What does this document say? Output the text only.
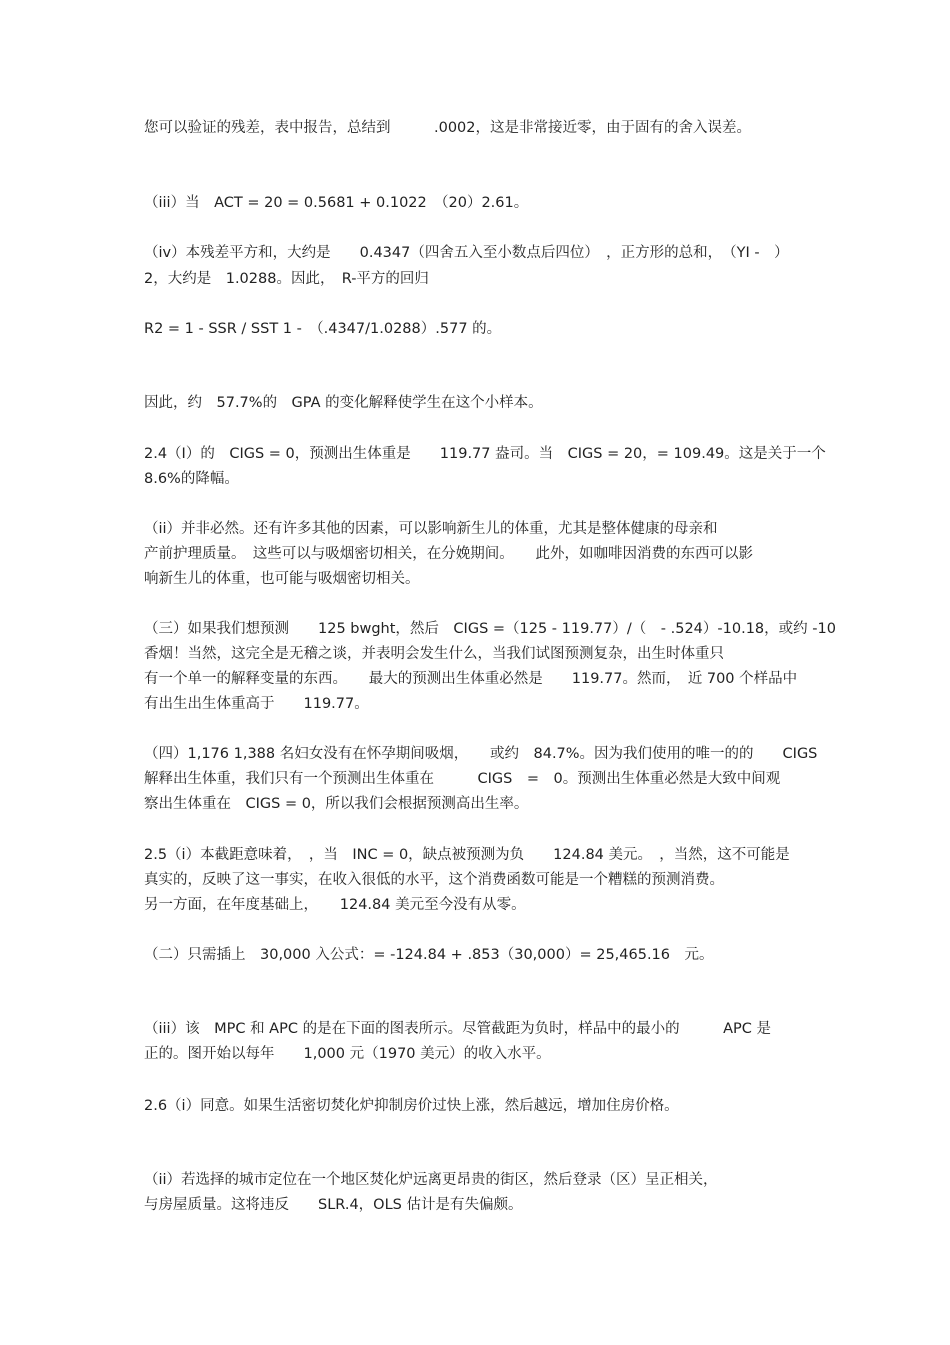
您可以验证的残差，表中报告，总结到　　　.0002，这是非常接近零，由于固有的舍入误差。
（iii）当　ACT = 20 = 0.5681 + 0.1022　（20）2.61。
（iv）本残差平方和，大约是　　0.4347（四舍五入至小数点后四位）　，正方形的总和，　（YI -　）
2，大约是　1.0288。因此，　R-平方的回归
R2 = 1 - SSR / SST 1 -　（.4347/1.0288）.577 的。
因此，约　57.7%的　GPA 的变化解释使学生在这个小样本。
2.4（I）的　CIGS = 0，预测出生体重是　　119.77 盎司。当　CIGS = 20，= 109.49。这是关于一个
8.6%的降幅。
（ii）并非必然。还有许多其他的因素，可以影响新生儿的体重，尤其是整体健康的母亲和
产前护理质量。　这些可以与吸烟密切相关，在分娩期间。　　此外，如咖啡因消费的东西可以影
响新生儿的体重，也可能与吸烟密切相关。
（三）如果我们想预测　　125 bwght，然后　CIGS =（125 - 119.77）/（　- .524）-10.18，或约 -10
香烟！当然，这完全是无稽之谈，并表明会发生什么，当我们试图预测复杂，出生时体重只
有一个单一的解释变量的东西。　　最大的预测出生体重必然是　　119.77。然而，　近 700 个样品中
有出生出生体重高于　　119.77。
（四）1,176 1,388 名妇女没有在怀孕期间吸烟，　　或约　84.7%。因为我们使用的唯一的的　　CIGS
解释出生体重，我们只有一个预测出生体重在　　　CIGS　=　0。预测出生体重必然是大致中间观
察出生体重在　CIGS = 0，所以我们会根据预测高出生率。
2.5（i）本截距意味着，　，当　INC = 0，缺点被预测为负　　124.84 美元。　，当然，这不可能是
真实的，反映了这一事实，在收入很低的水平，这个消费函数可能是一个糟糕的预测消费。
另一方面，在年度基础上，　　124.84 美元至今没有从零。
（二）只需插上　30,000 入公式：= -124.84 + .853（30,000）= 25,465.16　元。
（iii）该　MPC 和 APC 的是在下面的图表所示。尽管截距为负时，样品中的最小的　　　APC 是
正的。图开始以每年　　1,000 元（1970 美元）的收入水平。
2.6（i）同意。如果生活密切焚化炉抑制房价过快上涨，然后越远，增加住房价格。
（ii）若选择的城市定位在一个地区焚化炉远离更昂贵的街区，然后登录（区）呈正相关，
与房屋质量。这将违反　　SLR.4，OLS 估计是有失偏颇。
